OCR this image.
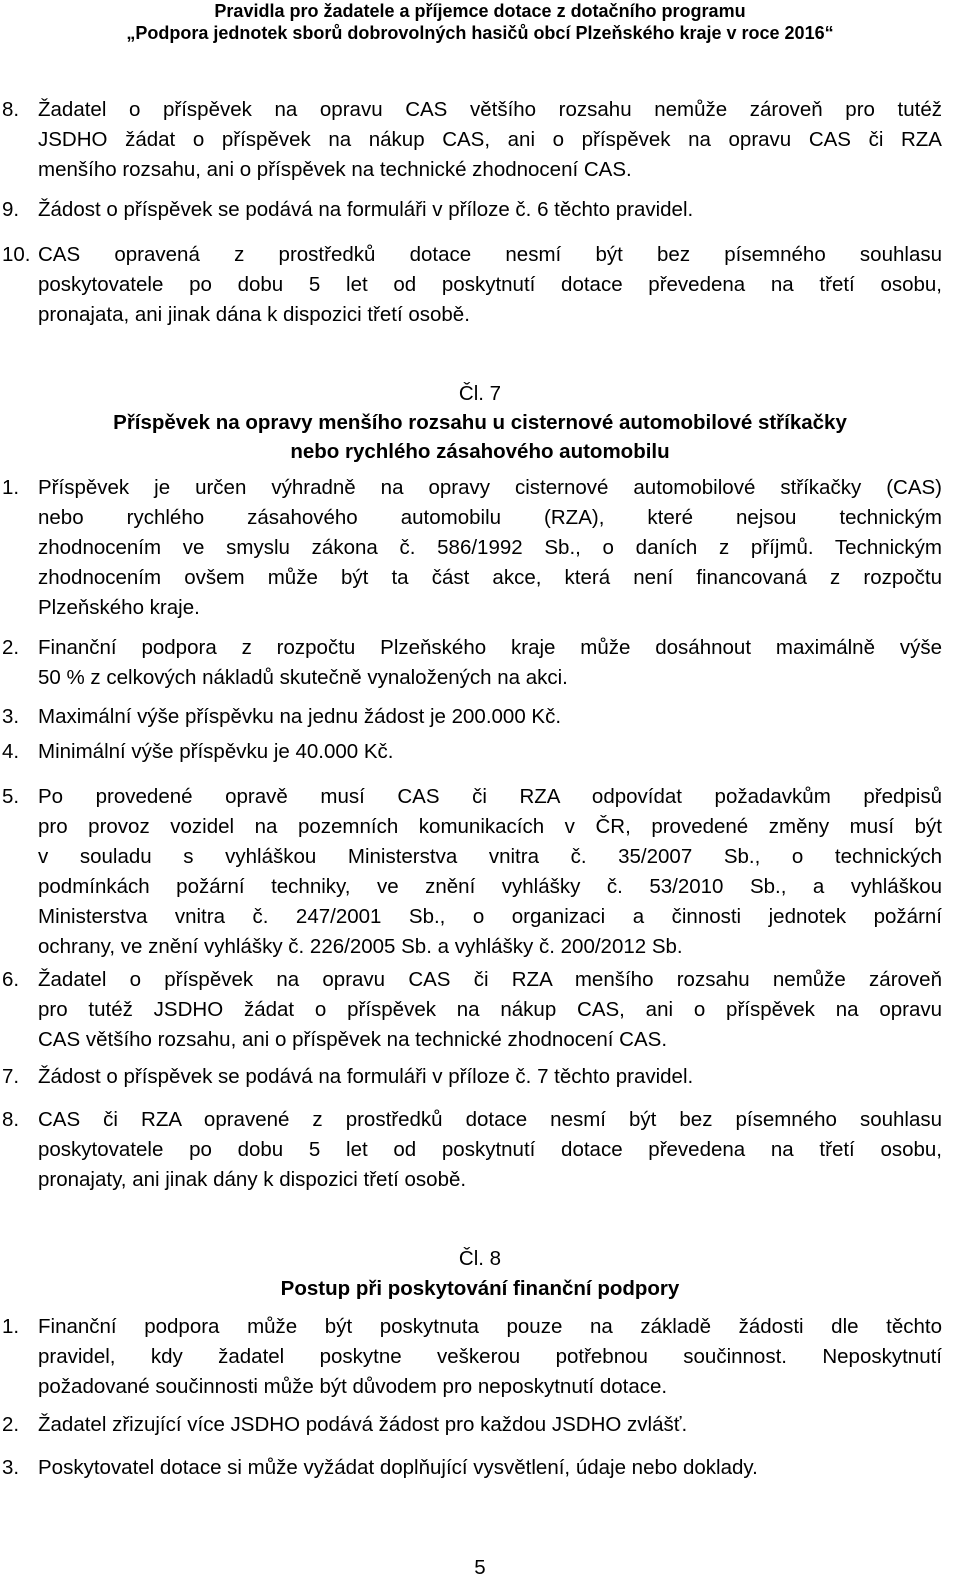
Pravidla pro žadatele a příjemce dotace z dotačního programu
„Podpora jednotek sborů dobrovolných hasičů obcí Plzeňského kraje v roce 2016“
8. Žadatel o příspěvek na opravu CAS většího rozsahu nemůže zároveň pro tutéž
JSDHO žádat o příspěvek na nákup CAS, ani o příspěvek na opravu CAS či RZA
menšího rozsahu, ani o příspěvek na technické zhodnocení CAS.
9. Žádost o příspěvek se podává na formuláři v příloze č. 6 těchto pravidel.
10. CAS opravená z prostředků dotace nesmí být bez písemného souhlasu
poskytovatele po dobu 5 let od poskytnutí dotace převedena na třetí osobu,
pronajata, ani jinak dána k dispozici třetí osobě.
Čl. 7
Příspěvek na opravy menšího rozsahu u cisternové automobilové stříkačky
nebo rychlého zásahového automobilu
1. Příspěvek je určen výhradně na opravy cisternové automobilové stříkačky (CAS)
nebo rychlého zásahového automobilu (RZA), které nejsou technickým
zhodnocením ve smyslu zákona č. 586/1992 Sb., o daních z příjmů. Technickým
zhodnocením ovšem může být ta část akce, která není financovaná z rozpočtu
Plzeňského kraje.
2. Finanční podpora z rozpočtu Plzeňského kraje může dosáhnout maximálně výše
50 % z celkových nákladů skutečně vynaložených na akci.
3. Maximální výše příspěvku na jednu žádost je 200.000 Kč.
4. Minimální výše příspěvku je 40.000 Kč.
5. Po provedené opravě musí CAS či RZA odpovídat požadavkům předpisů
pro provoz vozidel na pozemních komunikacích v ČR, provedené změny musí být
v souladu s vyhláškou Ministerstva vnitra č. 35/2007 Sb., o technických
podmínkách požární techniky, ve znění vyhlášky č. 53/2010 Sb., a vyhláškou
Ministerstva vnitra č. 247/2001 Sb., o organizaci a činnosti jednotek požární
ochrany, ve znění vyhlášky č. 226/2005 Sb. a vyhlášky č. 200/2012 Sb.
6. Žadatel o příspěvek na opravu CAS či RZA menšího rozsahu nemůže zároveň
pro tutéž JSDHO žádat o příspěvek na nákup CAS, ani o příspěvek na opravu
CAS většího rozsahu, ani o příspěvek na technické zhodnocení CAS.
7. Žádost o příspěvek se podává na formuláři v příloze č. 7 těchto pravidel.
8. CAS či RZA opravené z prostředků dotace nesmí být bez písemného souhlasu
poskytovatele po dobu 5 let od poskytnutí dotace převedena na třetí osobu,
pronajaty, ani jinak dány k dispozici třetí osobě.
Čl. 8
Postup při poskytování finanční podpory
1. Finanční podpora může být poskytnuta pouze na základě žádosti dle těchto
pravidel, kdy žadatel poskytne veškerou potřebnou součinnost. Neposkytnutí
požadované součinnosti může být důvodem pro neposkytnutí dotace.
2. Žadatel zřizující více JSDHO podává žádost pro každou JSDHO zvlášť.
3. Poskytovatel dotace si může vyžádat doplňující vysvětlení, údaje nebo doklady.
5
